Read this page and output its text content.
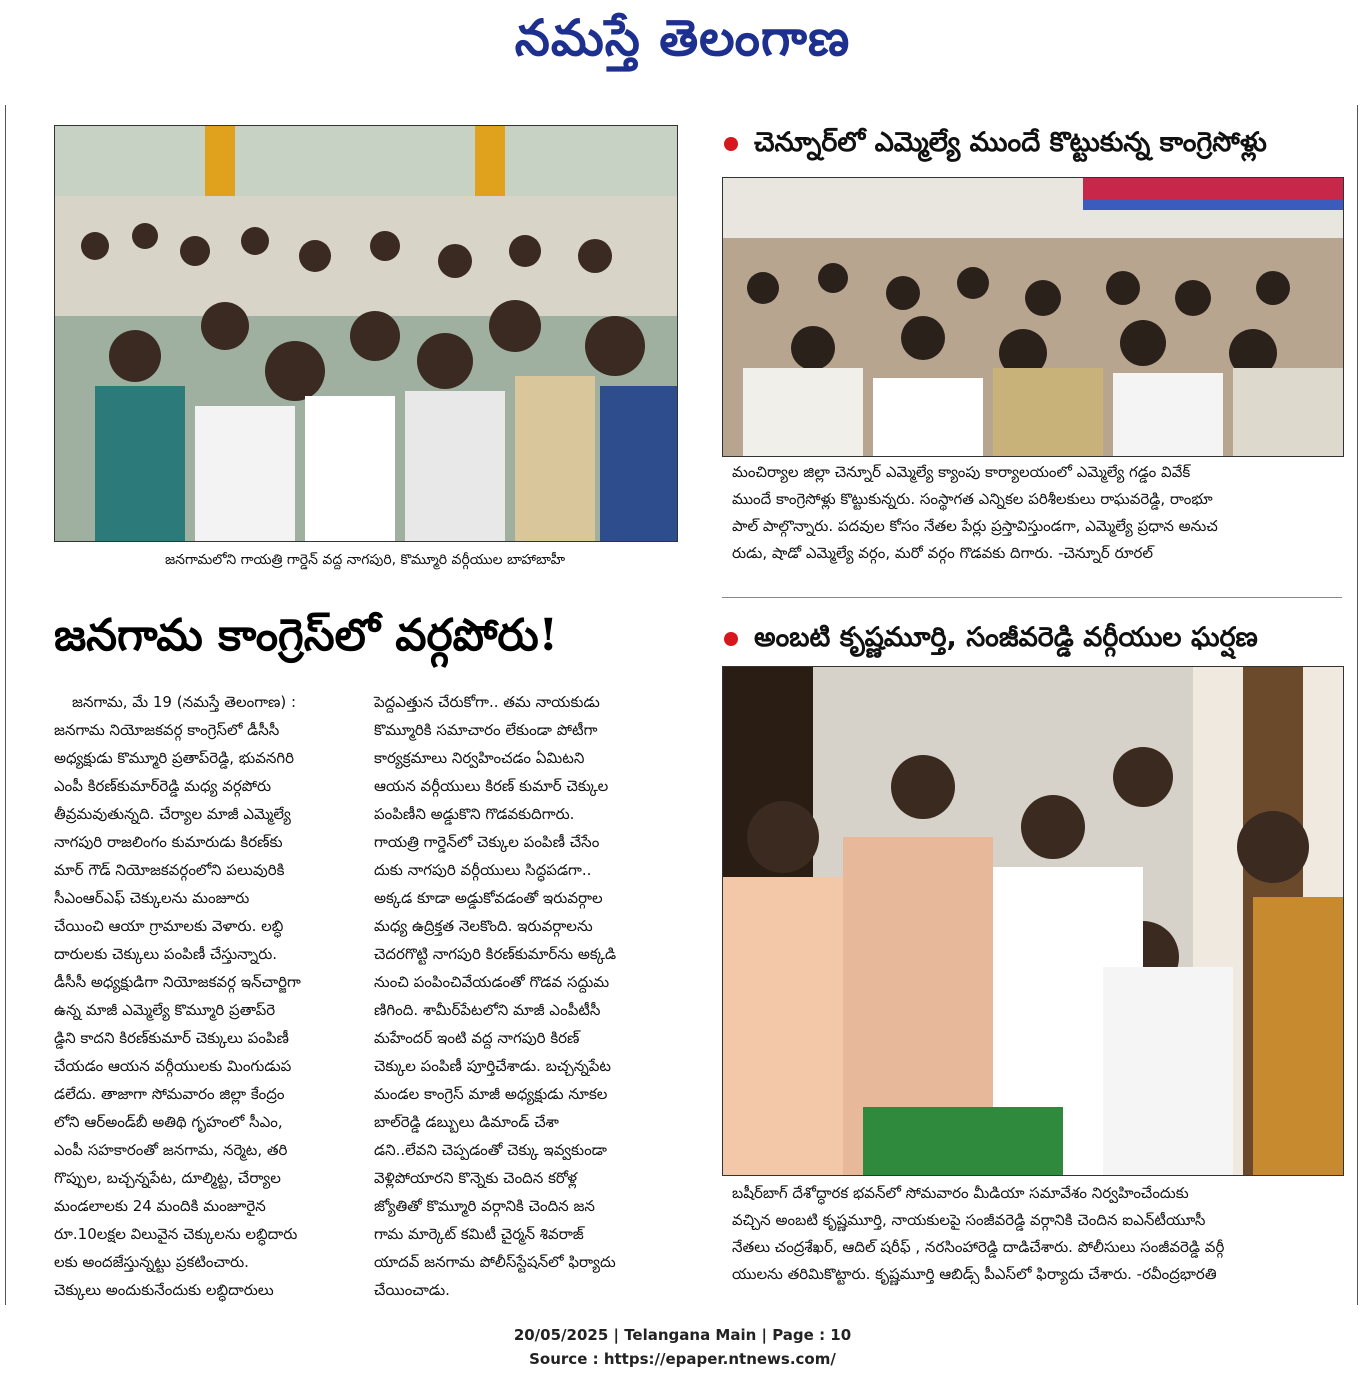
నమస్తే తెలంగాణ
జనగామలోని గాయత్రి గార్డెన్ వద్ద నాగపురి, కొమ్మూరి వర్గీయుల బాహాబాహీ
చెన్నూర్‌లో ఎమ్మెల్యే ముందే కొట్టుకున్న కాంగ్రెసోళ్లు
మంచిర్యాల జిల్లా చెన్నూర్ ఎమ్మెల్యే క్యాంపు కార్యాలయంలో ఎమ్మెల్యే గడ్డం వివేక్
ముందే కాంగ్రెసోళ్లు కొట్టుకున్నరు. సంస్థాగత ఎన్నికల పరిశీలకులు రాఘవరెడ్డి, రాంభూ
పాల్ పాల్గొన్నారు. పదవుల కోసం నేతల పేర్లు ప్రస్తావిస్తుండగా, ఎమ్మెల్యే ప్రధాన అనుచ
రుడు, షాడో ఎమ్మెల్యే వర్గం, మరో వర్గం గొడవకు దిగారు. -చెన్నూర్ రూరల్
జనగామ కాంగ్రెస్‌లో వర్గపోరు!
జనగామ, మే 19 (నమస్తే తెలంగాణ) :
జనగామ నియోజకవర్గ కాంగ్రెస్‌లో డీసీసీ
అధ్యక్షుడు కొమ్మూరి ప్రతాప్‌రెడ్డి, భువనగిరి
ఎంపీ కిరణ్‌కుమార్‌రెడ్డి మధ్య వర్గపోరు
తీవ్రమవుతున్నది. చేర్యాల మాజీ ఎమ్మెల్యే
నాగపురి రాజలింగం కుమారుడు కిరణ్‌కు
మార్ గౌడ్ నియోజకవర్గంలోని పలువురికి
సీఎంఆర్‌ఎఫ్ చెక్కులను మంజూరు
చేయించి ఆయా గ్రామాలకు వెళారు. లబ్ధి
దారులకు చెక్కులు పంపిణీ చేస్తున్నారు.
డీసీసీ అధ్యక్షుడిగా నియోజకవర్గ ఇన్‌చార్జిగా
ఉన్న మాజీ ఎమ్మెల్యే కొమ్మూరి ప్రతాప్‌రె
డ్డిని కాదని కిరణ్‌కుమార్ చెక్కులు పంపిణీ
చేయడం ఆయన వర్గీయులకు మింగుడుప
డలేదు. తాజాగా సోమవారం జిల్లా కేంద్రం
లోని ఆర్‌అండ్‌బీ అతిథి గృహంలో సీఎం,
ఎంపీ సహకారంతో జనగామ, నర్మెట, తరి
గొప్పుల, బచ్చన్నపేట, దూల్మిట్ట, చేర్యాల
మండలాలకు 24 మందికి మంజూరైన
రూ.10లక్షల విలువైన చెక్కులను లబ్ధిదారు
లకు అందజేస్తున్నట్టు ప్రకటించారు.
చెక్కులు అందుకునేందుకు లబ్ధిదారులు
పెద్దఎత్తున చేరుకోగా.. తమ నాయకుడు
కొమ్మూరికి సమాచారం లేకుండా పోటీగా
కార్యక్రమాలు నిర్వహించడం ఏమిటని
ఆయన వర్గీయులు కిరణ్ కుమార్ చెక్కుల
పంపిణీని అడ్డుకొని గొడవకుదిగారు.
గాయత్రి గార్డెన్‌లో చెక్కుల పంపిణీ చేసేం
దుకు నాగపురి వర్గీయులు సిద్ధపడగా..
అక్కడ కూడా అడ్డుకోవడంతో ఇరువర్గాల
మధ్య ఉద్రిక్తత నెలకొంది. ఇరువర్గాలను
చెదరగొట్టి నాగపురి కిరణ్‌కుమార్‌ను అక్కడి
నుంచి పంపించివేయడంతో గొడవ సద్దుమ
ణిగింది. శామీర్‌పేటలోని మాజీ ఎంపీటీసీ
మహేందర్ ఇంటి వద్ద నాగపురి కిరణ్
చెక్కుల పంపిణీ పూర్తిచేశాడు. బచ్చన్నపేట
మండల కాంగ్రెస్ మాజీ అధ్యక్షుడు నూకల
బాల్‌రెడ్డి డబ్బులు డిమాండ్ చేశా
డని..లేవని చెప్పడంతో చెక్కు ఇవ్వకుండా
వెళ్లిపోయారని కొన్నెకు చెందిన కరోళ్ల
జ్యోతితో కొమ్మూరి వర్గానికి చెందిన జన
గామ మార్కెట్ కమిటీ చైర్మన్ శివరాజ్
యాదవ్ జనగామ పోలీస్‌స్టేషన్‌లో ఫిర్యాదు
చేయించాడు.
అంబటి కృష్ణమూర్తి, సంజీవరెడ్డి వర్గీయుల ఘర్షణ
బషీర్‌బాగ్ దేశోద్ధారక భవన్‌లో సోమవారం మీడియా సమావేశం నిర్వహించేందుకు
వచ్చిన అంబటి కృష్ణమూర్తి, నాయకులపై సంజీవరెడ్డి వర్గానికి చెందిన ఐఎన్‌టీయూసీ
నేతలు చంద్రశేఖర్, ఆదిల్ షరీఫ్ , నరసింహారెడ్డి దాడిచేశారు. పోలీసులు సంజీవరెడ్డి వర్గీ
యులను తరిమికొట్టారు. కృష్ణమూర్తి ఆబిడ్స్ పీఎస్‌లో ఫిర్యాదు చేశారు. -రవీంద్రభారతి
20/05/2025 | Telangana Main | Page : 10
Source : https://epaper.ntnews.com/
